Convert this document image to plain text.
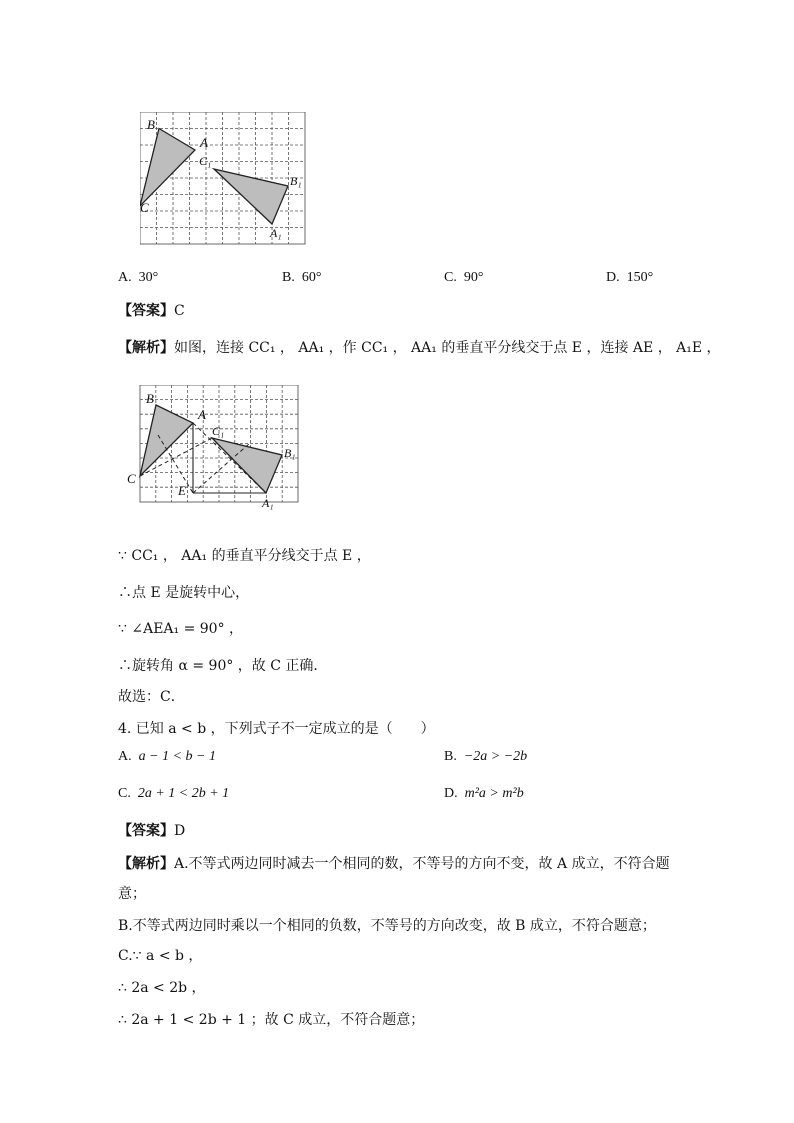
B
A
C
C₁
B₁
A₁
A. 30°	B. 60°	C. 90°	D. 150°
【答案】C
【解析】如图，连接 CC₁ ， AA₁ ，作 CC₁ ， AA₁ 的垂直平分线交于点 E ，连接 AE ， A₁E ，
B
A
C
C₁
B₁
A₁
E
∵ CC₁ ， AA₁ 的垂直平分线交于点 E ，
∴点 E 是旋转中心，
∵ ∠AEA₁ = 90° ，
∴旋转角 α = 90° ，故 C 正确．
故选：C．
4. 已知 a < b ，下列式子不一定成立的是（　　）
A. a − 1 < b − 1	B. −2a > −2b
C. 2a + 1 < 2b + 1	D. m²a > m²b
【答案】D
【解析】A.不等式两边同时减去一个相同的数，不等号的方向不变，故 A 成立，不符合题
意；
B.不等式两边同时乘以一个相同的负数，不等号的方向改变，故 B 成立，不符合题意；
C.∵ a < b ，
∴ 2a < 2b ，
∴ 2a + 1 < 2b + 1 ；故 C 成立，不符合题意；
